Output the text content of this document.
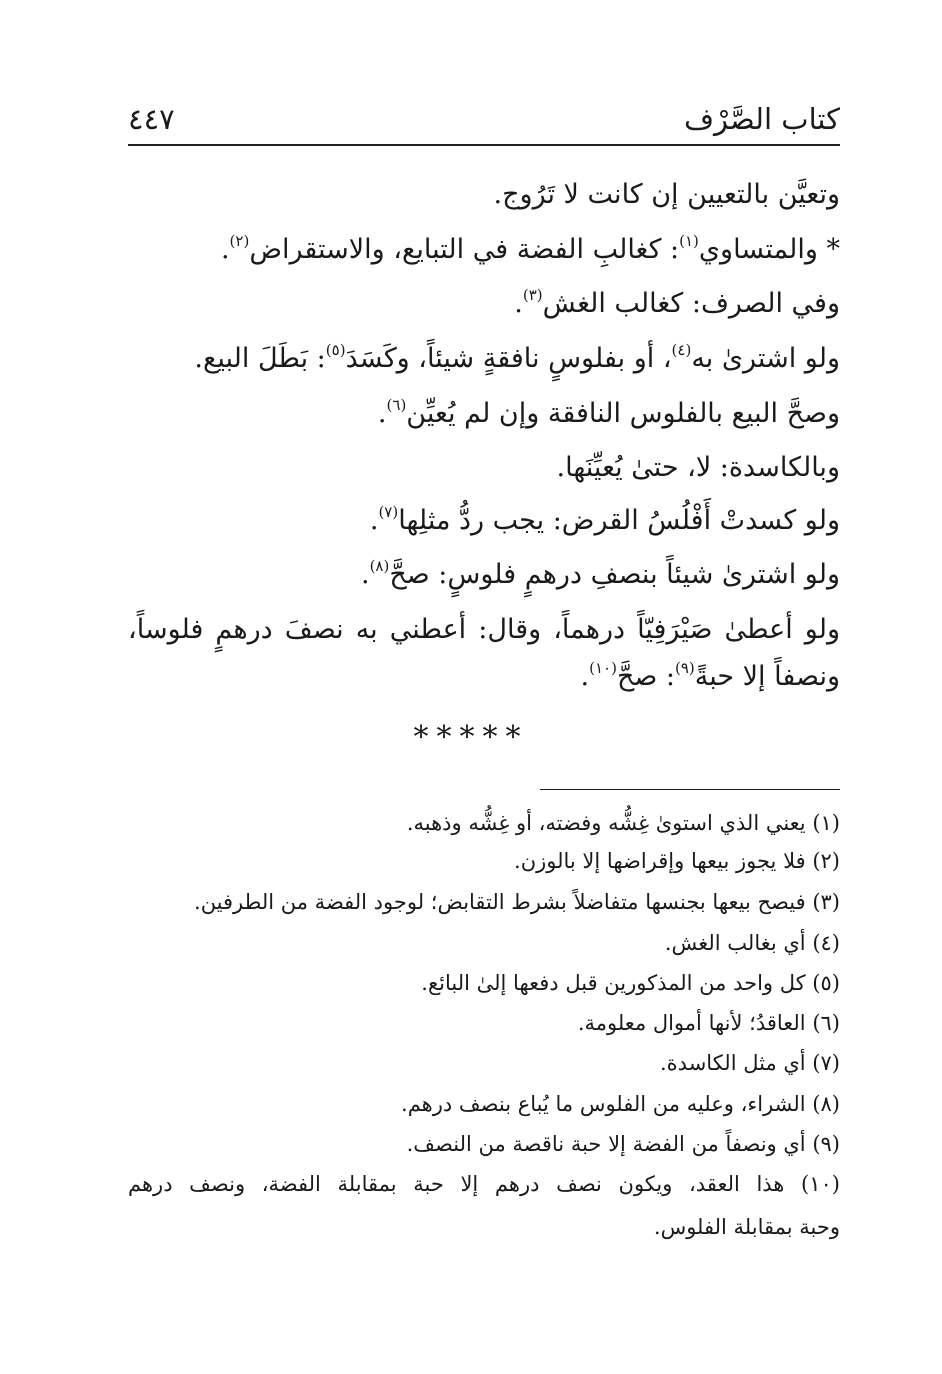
كتاب الصَّرْف
٤٤٧
وتعيَّن بالتعيين إن كانت لا تَرُوج.
* والمتساوي$^{(١)}$: كغالبِ الفضة في التبايع، والاستقراض$^{(٢)}$.
وفي الصرف: كغالب الغش$^{(٣)}$.
ولو اشترىٰ به$^{(٤)}$، أو بفلوسٍ نافقةٍ شيئاً، وكَسَدَ$^{(٥)}$: بَطَلَ البيع.
وصحَّ البيع بالفلوس النافقة وإن لم يُعيِّن$^{(٦)}$.
وبالكاسدة: لا، حتىٰ يُعيِّنَها.
ولو كسدتْ أَفْلُسُ القرض: يجب ردُّ مثلِها$^{(٧)}$.
ولو اشترىٰ شيئاً بنصفِ درهمٍ فلوسٍ: صحَّ$^{(٨)}$.
ولو أعطىٰ صَيْرَفِيّاً درهماً، وقال: أعطني به نصفَ درهمٍ فلوساً،
ونصفاً إلا حبةً$^{(٩)}$: صحَّ$^{(١٠)}$.
*****
(١) يعني الذي استوىٰ غِشُّه وفضته، أو غِشُّه وذهبه.
(٢) فلا يجوز بيعها وإقراضها إلا بالوزن.
(٣) فيصح بيعها بجنسها متفاضلاً بشرط التقابض؛ لوجود الفضة من الطرفين.
(٤) أي بغالب الغش.
(٥) كل واحد من المذكورين قبل دفعها إلىٰ البائع.
(٦) العاقدُ؛ لأنها أموال معلومة.
(٧) أي مثل الكاسدة.
(٨) الشراء، وعليه من الفلوس ما يُباع بنصف درهم.
(٩) أي ونصفاً من الفضة إلا حبة ناقصة من النصف.
(١٠) هذا العقد، ويكون نصف درهم إلا حبة بمقابلة الفضة، ونصف درهم
وحبة بمقابلة الفلوس.
